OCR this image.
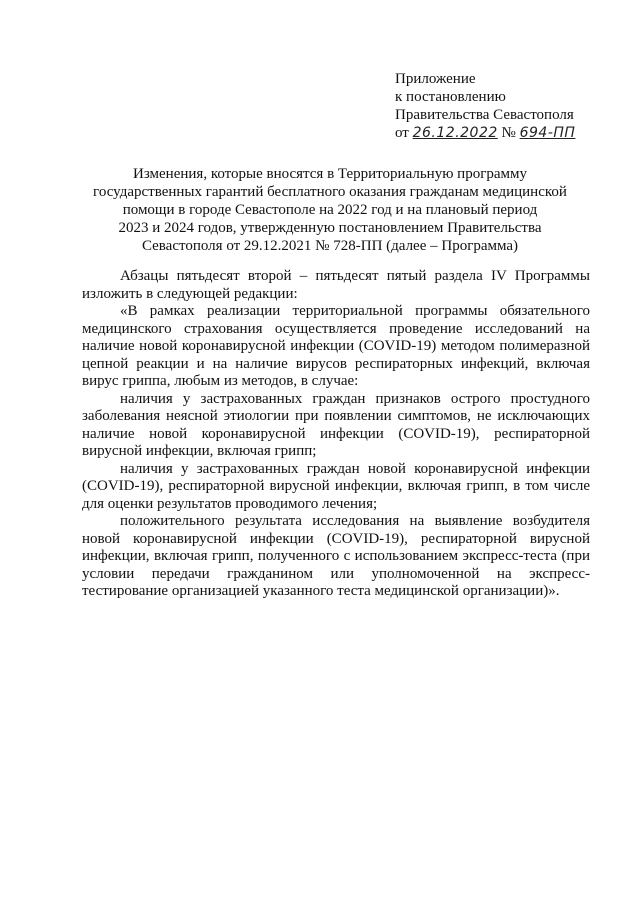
Приложение
к постановлению
Правительства Севастополя
от 26.12.2022 № 694-ПП
Изменения, которые вносятся в Территориальную программу
государственных гарантий бесплатного оказания гражданам медицинской
помощи в городе Севастополе на 2022 год и на плановый период
2023 и 2024 годов, утвержденную постановлением Правительства
Севастополя от 29.12.2021 № 728-ПП (далее – Программа)

Абзацы пятьдесят второй – пятьдесят пятый раздела IV Программы изложить в следующей редакции:

«В рамках реализации территориальной программы обязательного медицинского страхования осуществляется проведение исследований на наличие новой коронавирусной инфекции (COVID-19) методом полимеразной цепной реакции и на наличие вирусов респираторных инфекций, включая вирус гриппа, любым из методов, в случае:

наличия у застрахованных граждан признаков острого простудного заболевания неясной этиологии при появлении симптомов, не исключающих наличие новой коронавирусной инфекции (COVID-19), респираторной вирусной инфекции, включая грипп;

наличия у застрахованных граждан новой коронавирусной инфекции (COVID-19), респираторной вирусной инфекции, включая грипп, в том числе для оценки результатов проводимого лечения;

положительного результата исследования на выявление возбудителя новой коронавирусной инфекции (COVID-19), респираторной вирусной инфекции, включая грипп, полученного с использованием экспресс-теста (при условии передачи гражданином или уполномоченной на экспресс-тестирование организацией указанного теста медицинской организации)».
